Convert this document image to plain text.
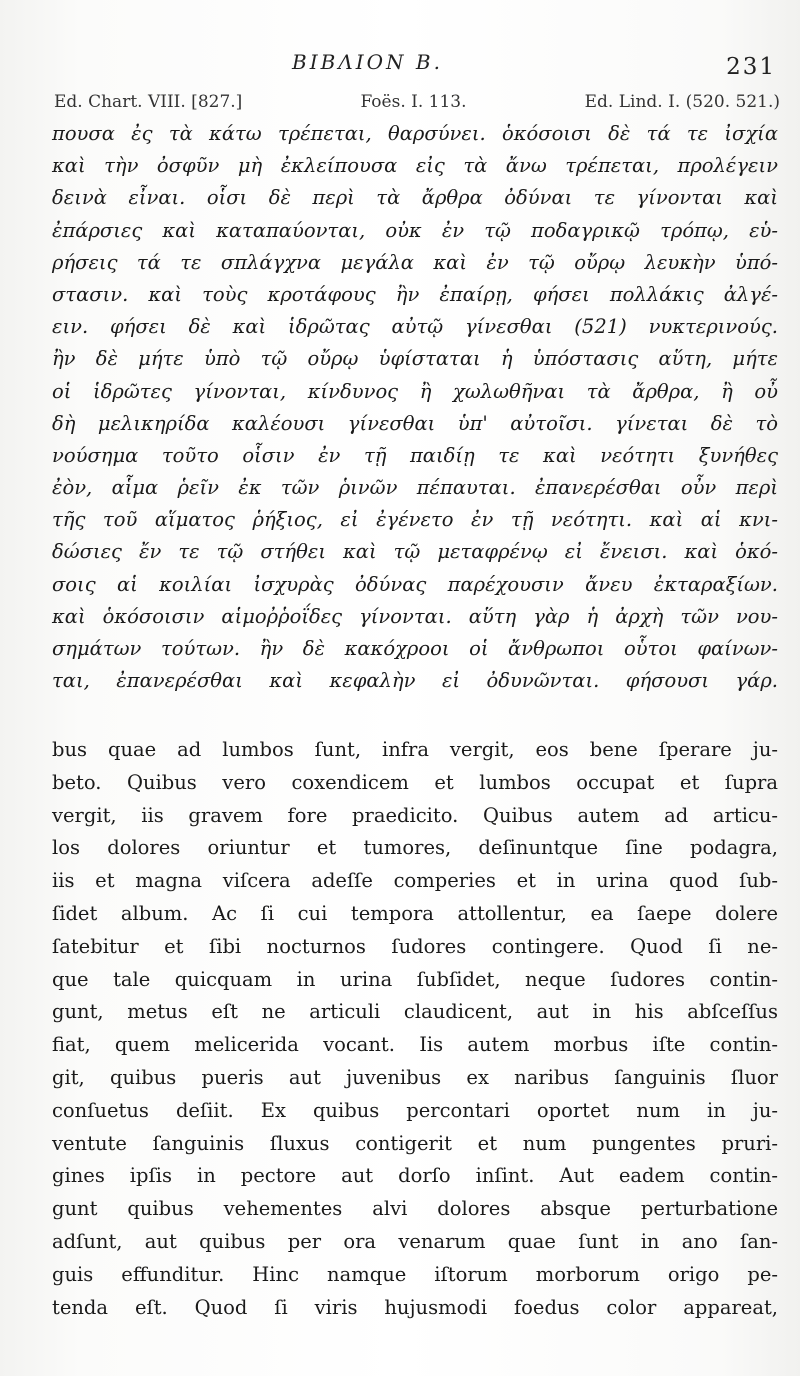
ΒΙΒΛΙΟΝ Β.	231
Ed. Chart. VIII. [827.]	Foës. I. 113.	Ed. Lind. I. (520. 521.)
πουσα ἐς τὰ κάτω τρέπεται, θαρσύνει. ὁκόσοισι δὲ τά τε ἰσχία
καὶ τὴν ὀσφῦν μὴ ἐκλείπουσα εἰς τὰ ἄνω τρέπεται, προλέγειν
δεινὰ εἶναι. οἷσι δὲ περὶ τὰ ἄρθρα ὀδύναι τε γίνονται καὶ
ἐπάρσιες καὶ καταπαύονται, οὐκ ἐν τῷ ποδαγρικῷ τρόπῳ, εὑ-
ρήσεις τά τε σπλάγχνα μεγάλα καὶ ἐν τῷ οὔρῳ λευκὴν ὑπό-
στασιν. καὶ τοὺς κροτάφους ἢν ἐπαίρῃ, φήσει πολλάκις ἀλγέ-
ειν. φήσει δὲ καὶ ἱδρῶτας αὐτῷ γίνεσθαι (521) νυκτερινούς.
ἢν δὲ μήτε ὑπὸ τῷ οὔρῳ ὑφίσταται ἡ ὑπόστασις αὕτη, μήτε
οἱ ἱδρῶτες γίνονται, κίνδυνος ἢ χωλωθῆναι τὰ ἄρθρα, ἢ οὖ
δὴ μελικηρίδα καλέουσι γίνεσθαι ὑπ' αὐτοῖσι. γίνεται δὲ τὸ
νούσημα τοῦτο οἷσιν ἐν τῇ παιδίῃ τε καὶ νεότητι ξυνήθες
ἐὸν, αἷμα ῥεῖν ἐκ τῶν ῥινῶν πέπαυται. ἐπανερέσθαι οὖν περὶ
τῆς τοῦ αἵματος ῥήξιος, εἰ ἐγένετο ἐν τῇ νεότητι. καὶ αἱ κνι-
δώσιες ἔν τε τῷ στήθει καὶ τῷ μεταφρένῳ εἰ ἔνεισι. καὶ ὁκό-
σοις αἱ κοιλίαι ἰσχυρὰς ὀδύνας παρέχουσιν ἄνευ ἐκταραξίων.
καὶ ὁκόσοισιν αἱμοῤῥοΐδες γίνονται. αὕτη γὰρ ἡ ἀρχὴ τῶν νου-
σημάτων τούτων. ἢν δὲ κακόχροοι οἱ ἄνθρωποι οὗτοι φαίνων-
ται, ἐπανερέσθαι καὶ κεφαλὴν εἰ ὀδυνῶνται. φήσουσι γάρ.
bus quae ad lumbos ſunt, infra vergit, eos bene ſperare ju-
beto. Quibus vero coxendicem et lumbos occupat et ſupra
vergit, iis gravem fore praedicito. Quibus autem ad articu-
los dolores oriuntur et tumores, deſinuntque ſine podagra,
iis et magna viſcera adeſſe comperies et in urina quod ſub-
ſidet album. Ac ſi cui tempora attollentur, ea ſaepe dolere
ſatebitur et ſibi nocturnos ſudores contingere. Quod ſi ne-
que tale quicquam in urina ſubſidet, neque ſudores contin-
gunt, metus eſt ne articuli claudicent, aut in his abſceſſus
fiat, quem melicerida vocant. Iis autem morbus iſte contin-
git, quibus pueris aut juvenibus ex naribus ſanguinis ſluor
conſuetus deſiit. Ex quibus percontari oportet num in ju-
ventute ſanguinis ſluxus contigerit et num pungentes pruri-
gines ipſis in pectore aut dorſo inſint. Aut eadem contin-
gunt quibus vehementes alvi dolores absque perturbatione
adſunt, aut quibus per ora venarum quae ſunt in ano ſan-
guis effunditur. Hinc namque iſtorum morborum origo pe-
tenda eſt. Quod ſi viris hujusmodi foedus color appareat,
